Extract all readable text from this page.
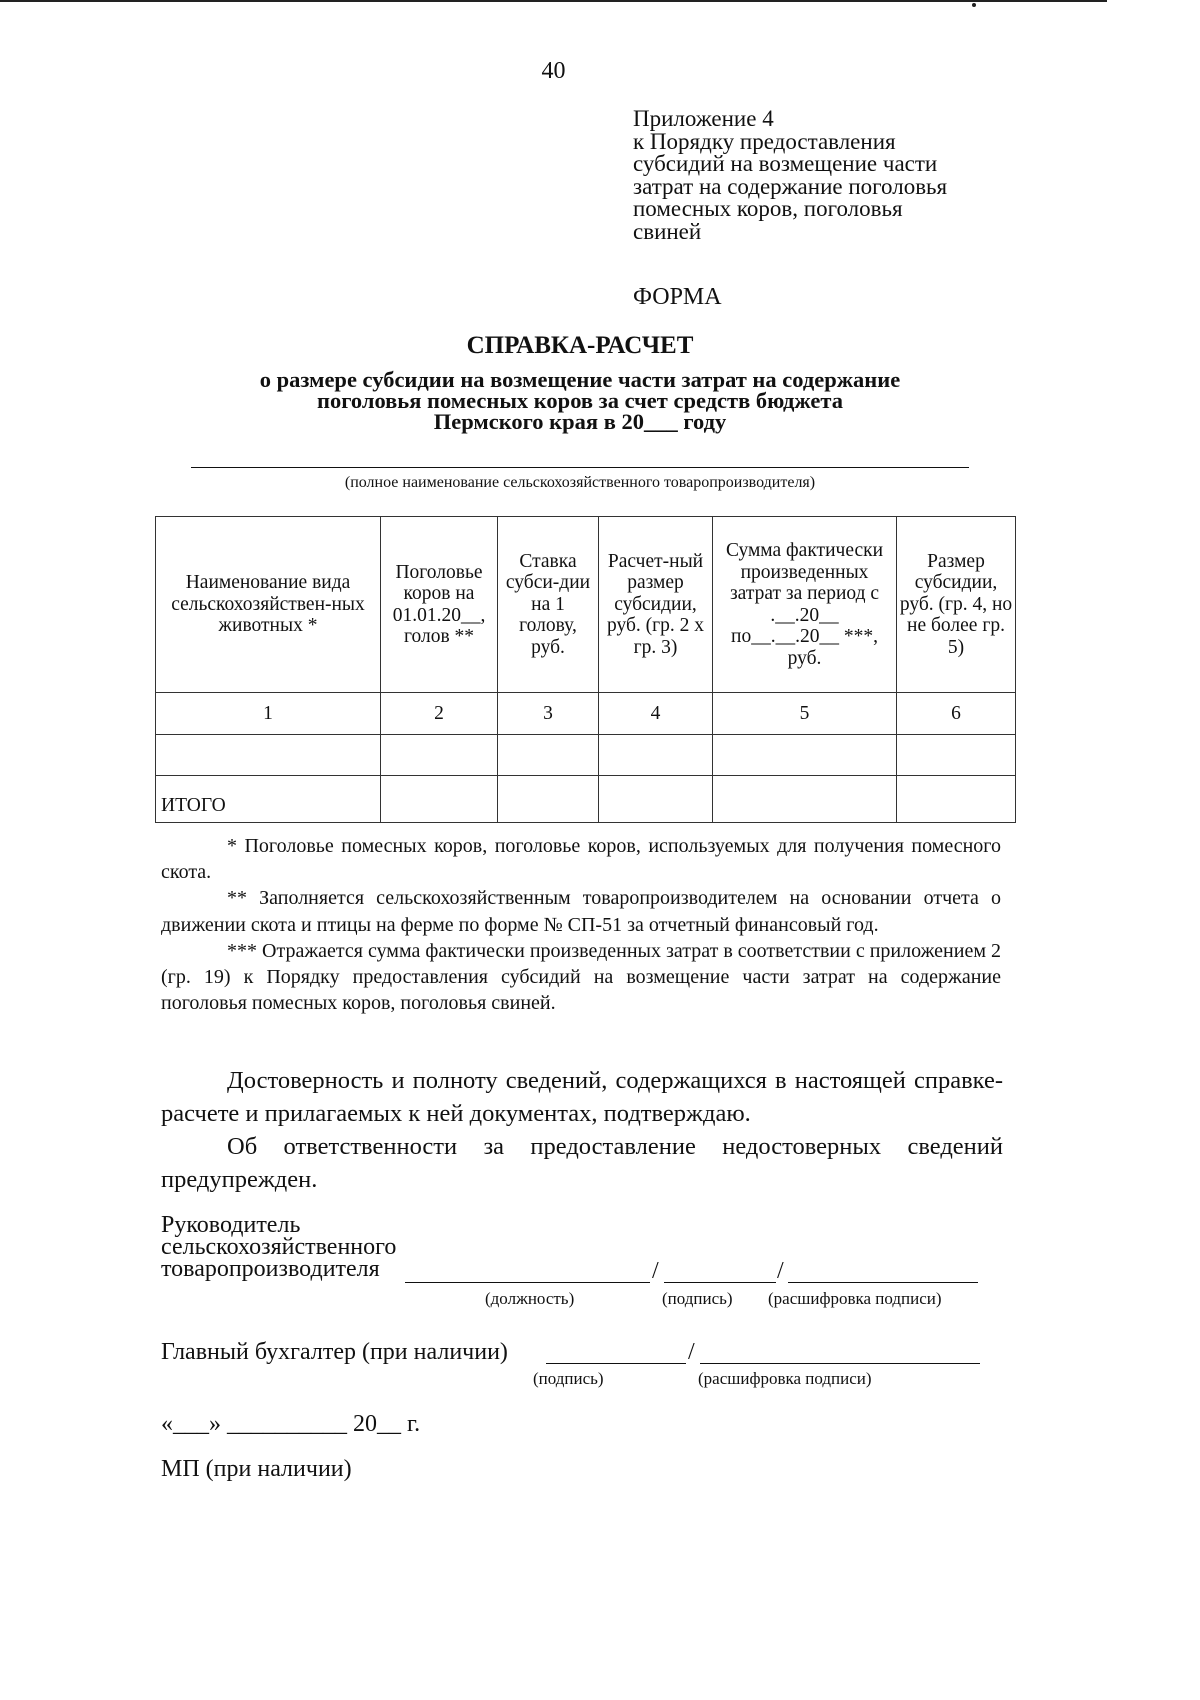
40
Приложение 4
к Порядку предоставления
субсидий на возмещение части
затрат на содержание поголовья
помесных коров, поголовья
свиней
ФОРМА
СПРАВКА-РАСЧЕТ
о размере субсидии на возмещение части затрат на содержание
поголовья помесных коров за счет средств бюджета
Пермского края в 20___ году
(полное наименование сельскохозяйственного товаропроизводителя)
Наименование вида сельскохозяйствен-ных животных *	Поголовье коров на 01.01.20__, голов **	Ставка субси-дии на 1 голову, руб.	Расчет-ный размер субсидии, руб. (гр. 2 х гр. 3)	Сумма фактически произведенных затрат за период с .__.20__ по__.__.20__ ***, руб.	Размер субсидии, руб. (гр. 4, но не более гр. 5)
1	2	3	4	5	6

ИТОГО					

* Поголовье помесных коров, поголовье коров, используемых для получения помесного скота.

** Заполняется сельскохозяйственным товаропроизводителем на основании отчета о движении скота и птицы на ферме по форме № СП-51 за отчетный финансовый год.

*** Отражается сумма фактически произведенных затрат в соответствии с приложением 2 (гр. 19) к Порядку предоставления субсидий на возмещение части затрат на содержание поголовья помесных коров, поголовья свиней.

Достоверность и полноту сведений, содержащихся в настоящей справке-расчете и прилагаемых к ней документах, подтверждаю.

Об ответственности за предоставление недостоверных сведений предупрежден.

Руководитель
сельскохозяйственного
товаропроизводителя	/	/
(должность)	(подпись) (расшифровка подписи)
Главный бухгалтер (при наличии)	/
(подпись)	(расшифровка подписи)
«___» __________ 20__ г.
МП (при наличии)
